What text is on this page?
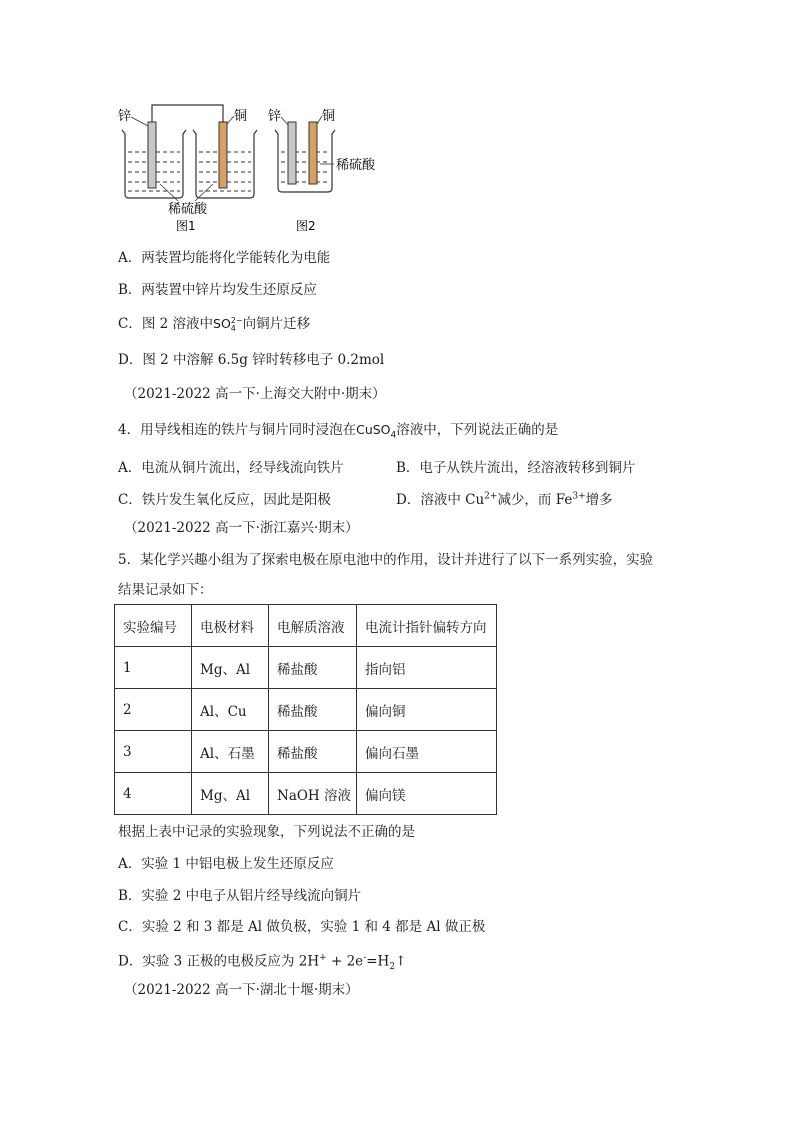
锌	铜
稀硫酸
图1
锌	铜
稀硫酸
图2
A．两装置均能将化学能转化为电能
B．两装置中锌片均发生还原反应
C．图 2 溶液中SO 2−
4 向铜片迁移
D．图 2 中溶解 6.5g 锌时转移电子 0.2mol
（2021-2022 高一下·上海交大附中·期末）
4．用导线相连的铁片与铜片同时浸泡在CuSO$_4$溶液中，下列说法正确的是
A．电流从铜片流出，经导线流向铁片	B．电子从铁片流出，经溶液转移到铜片
C．铁片发生氧化反应，因此是阳极	D．溶液中 $Cu^{2+}$减少，而 $Fe^{3+}$增多
（2021-2022 高一下·浙江嘉兴·期末）
5．某化学兴趣小组为了探索电极在原电池中的作用，设计并进行了以下一系列实验，实验
结果记录如下：
实验编号	电极材料	电解质溶液	电流计指针偏转方向
1	Mg、Al	稀盐酸	指向铝
2	Al、Cu	稀盐酸	偏向铜
3	Al、石墨	稀盐酸	偏向石墨
4	Mg、Al	NaOH 溶液	偏向镁
根据上表中记录的实验现象，下列说法不正确的是
A．实验 1 中铝电极上发生还原反应
B．实验 2 中电子从铝片经导线流向铜片
C．实验 2 和 3 都是 Al 做负极，实验 1 和 4 都是 Al 做正极
D．实验 3 正极的电极反应为 $2H^+ + 2e^-=H_2↑$
（2021-2022 高一下·湖北十堰·期末）
